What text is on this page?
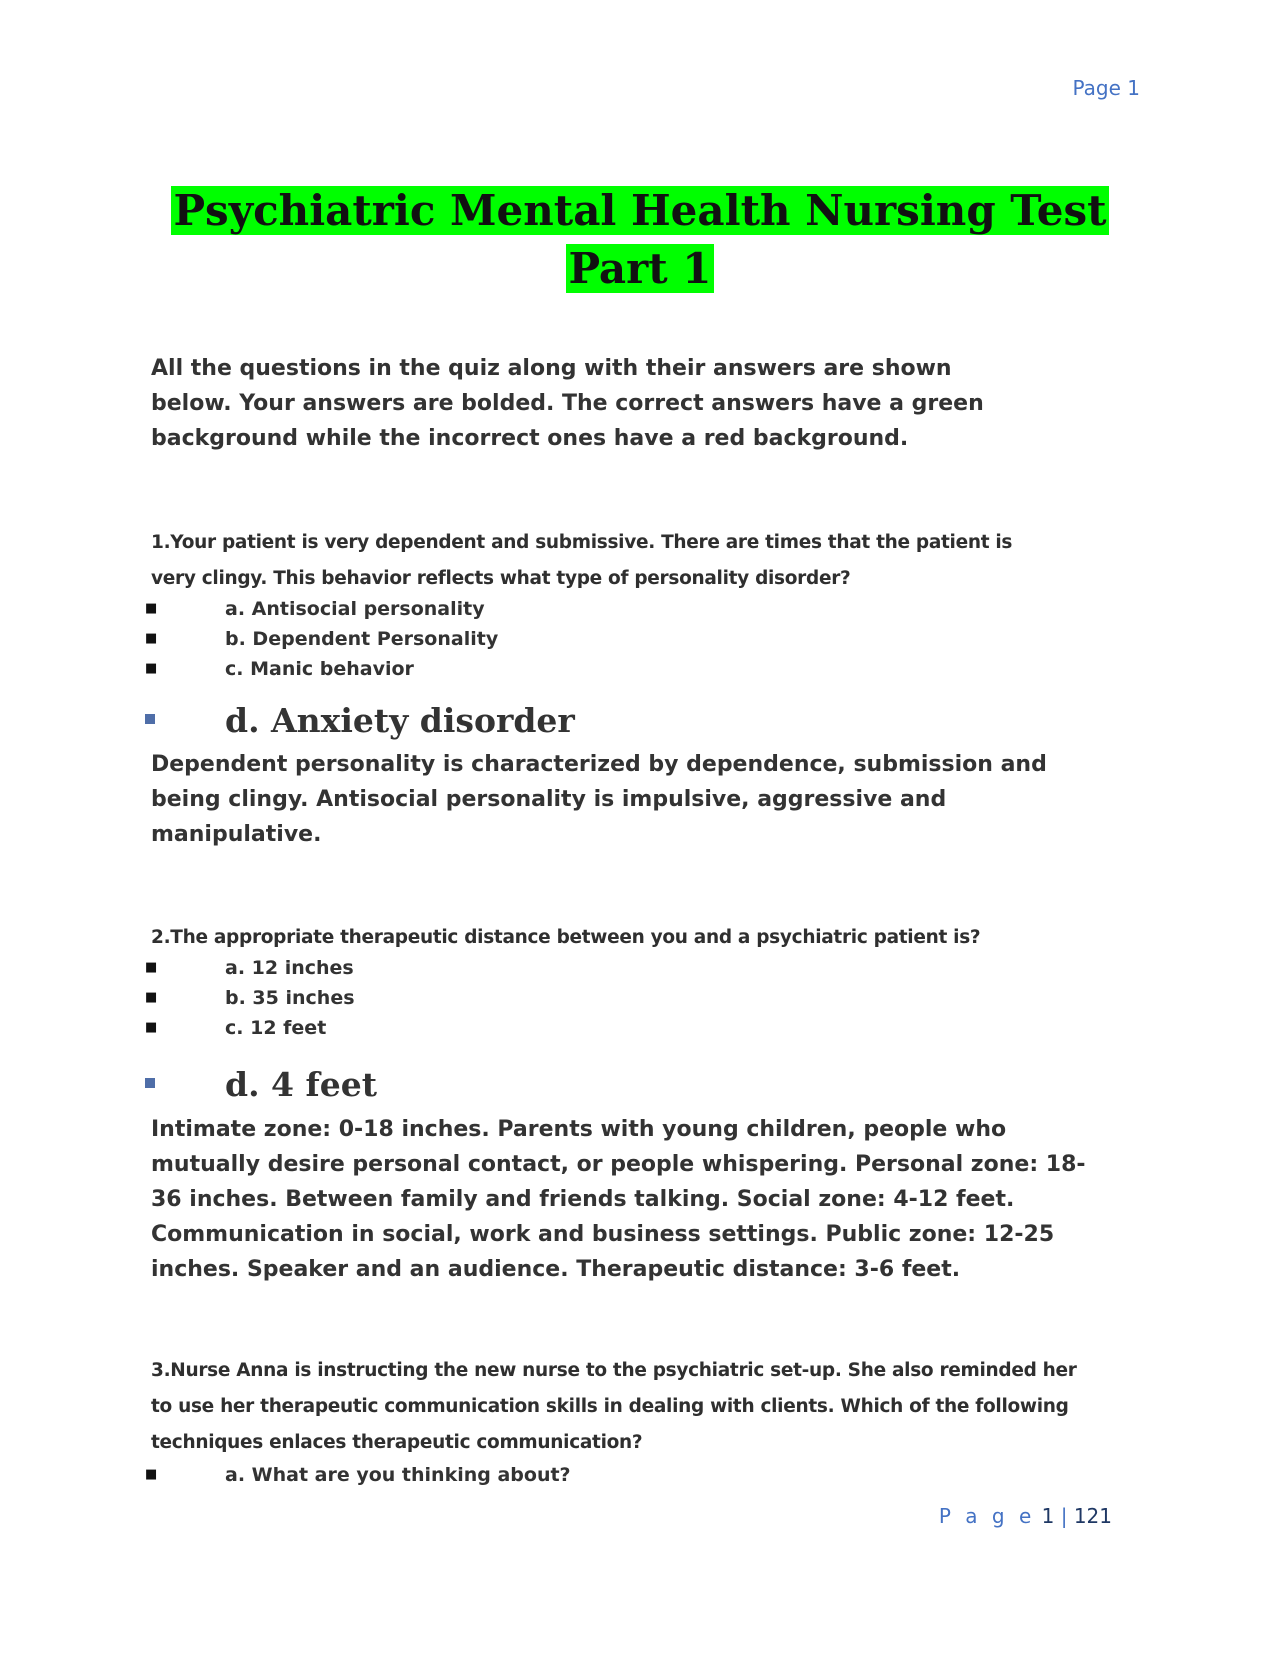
Page 1
Psychiatric Mental Health Nursing Test
Part 1
All the questions in the quiz along with their answers are shown below. Your answers are bolded. The correct answers have a green background while the incorrect ones have a red background.
1.Your patient is very dependent and submissive. There are times that the patient is very clingy. This behavior reflects what type of personality disorder?
■	a. Antisocial personality
■	b. Dependent Personality
■	c. Manic behavior
d. Anxiety disorder
Dependent personality is characterized by dependence, submission and being clingy. Antisocial personality is impulsive, aggressive and manipulative.
2.The appropriate therapeutic distance between you and a psychiatric patient is?
■	a. 12 inches
■	b. 35 inches
■	c. 12 feet
d. 4 feet
Intimate zone: 0-18 inches. Parents with young children, people who mutually desire personal contact, or people whispering. Personal zone: 18-36 inches. Between family and friends talking. Social zone: 4-12 feet. Communication in social, work and business settings. Public zone: 12-25 inches. Speaker and an audience. Therapeutic distance: 3-6 feet.
3.Nurse Anna is instructing the new nurse to the psychiatric set-up. She also reminded her to use her therapeutic communication skills in dealing with clients. Which of the following techniques enlaces therapeutic communication?
■	a. What are you thinking about?
P a g e 1 | 121
